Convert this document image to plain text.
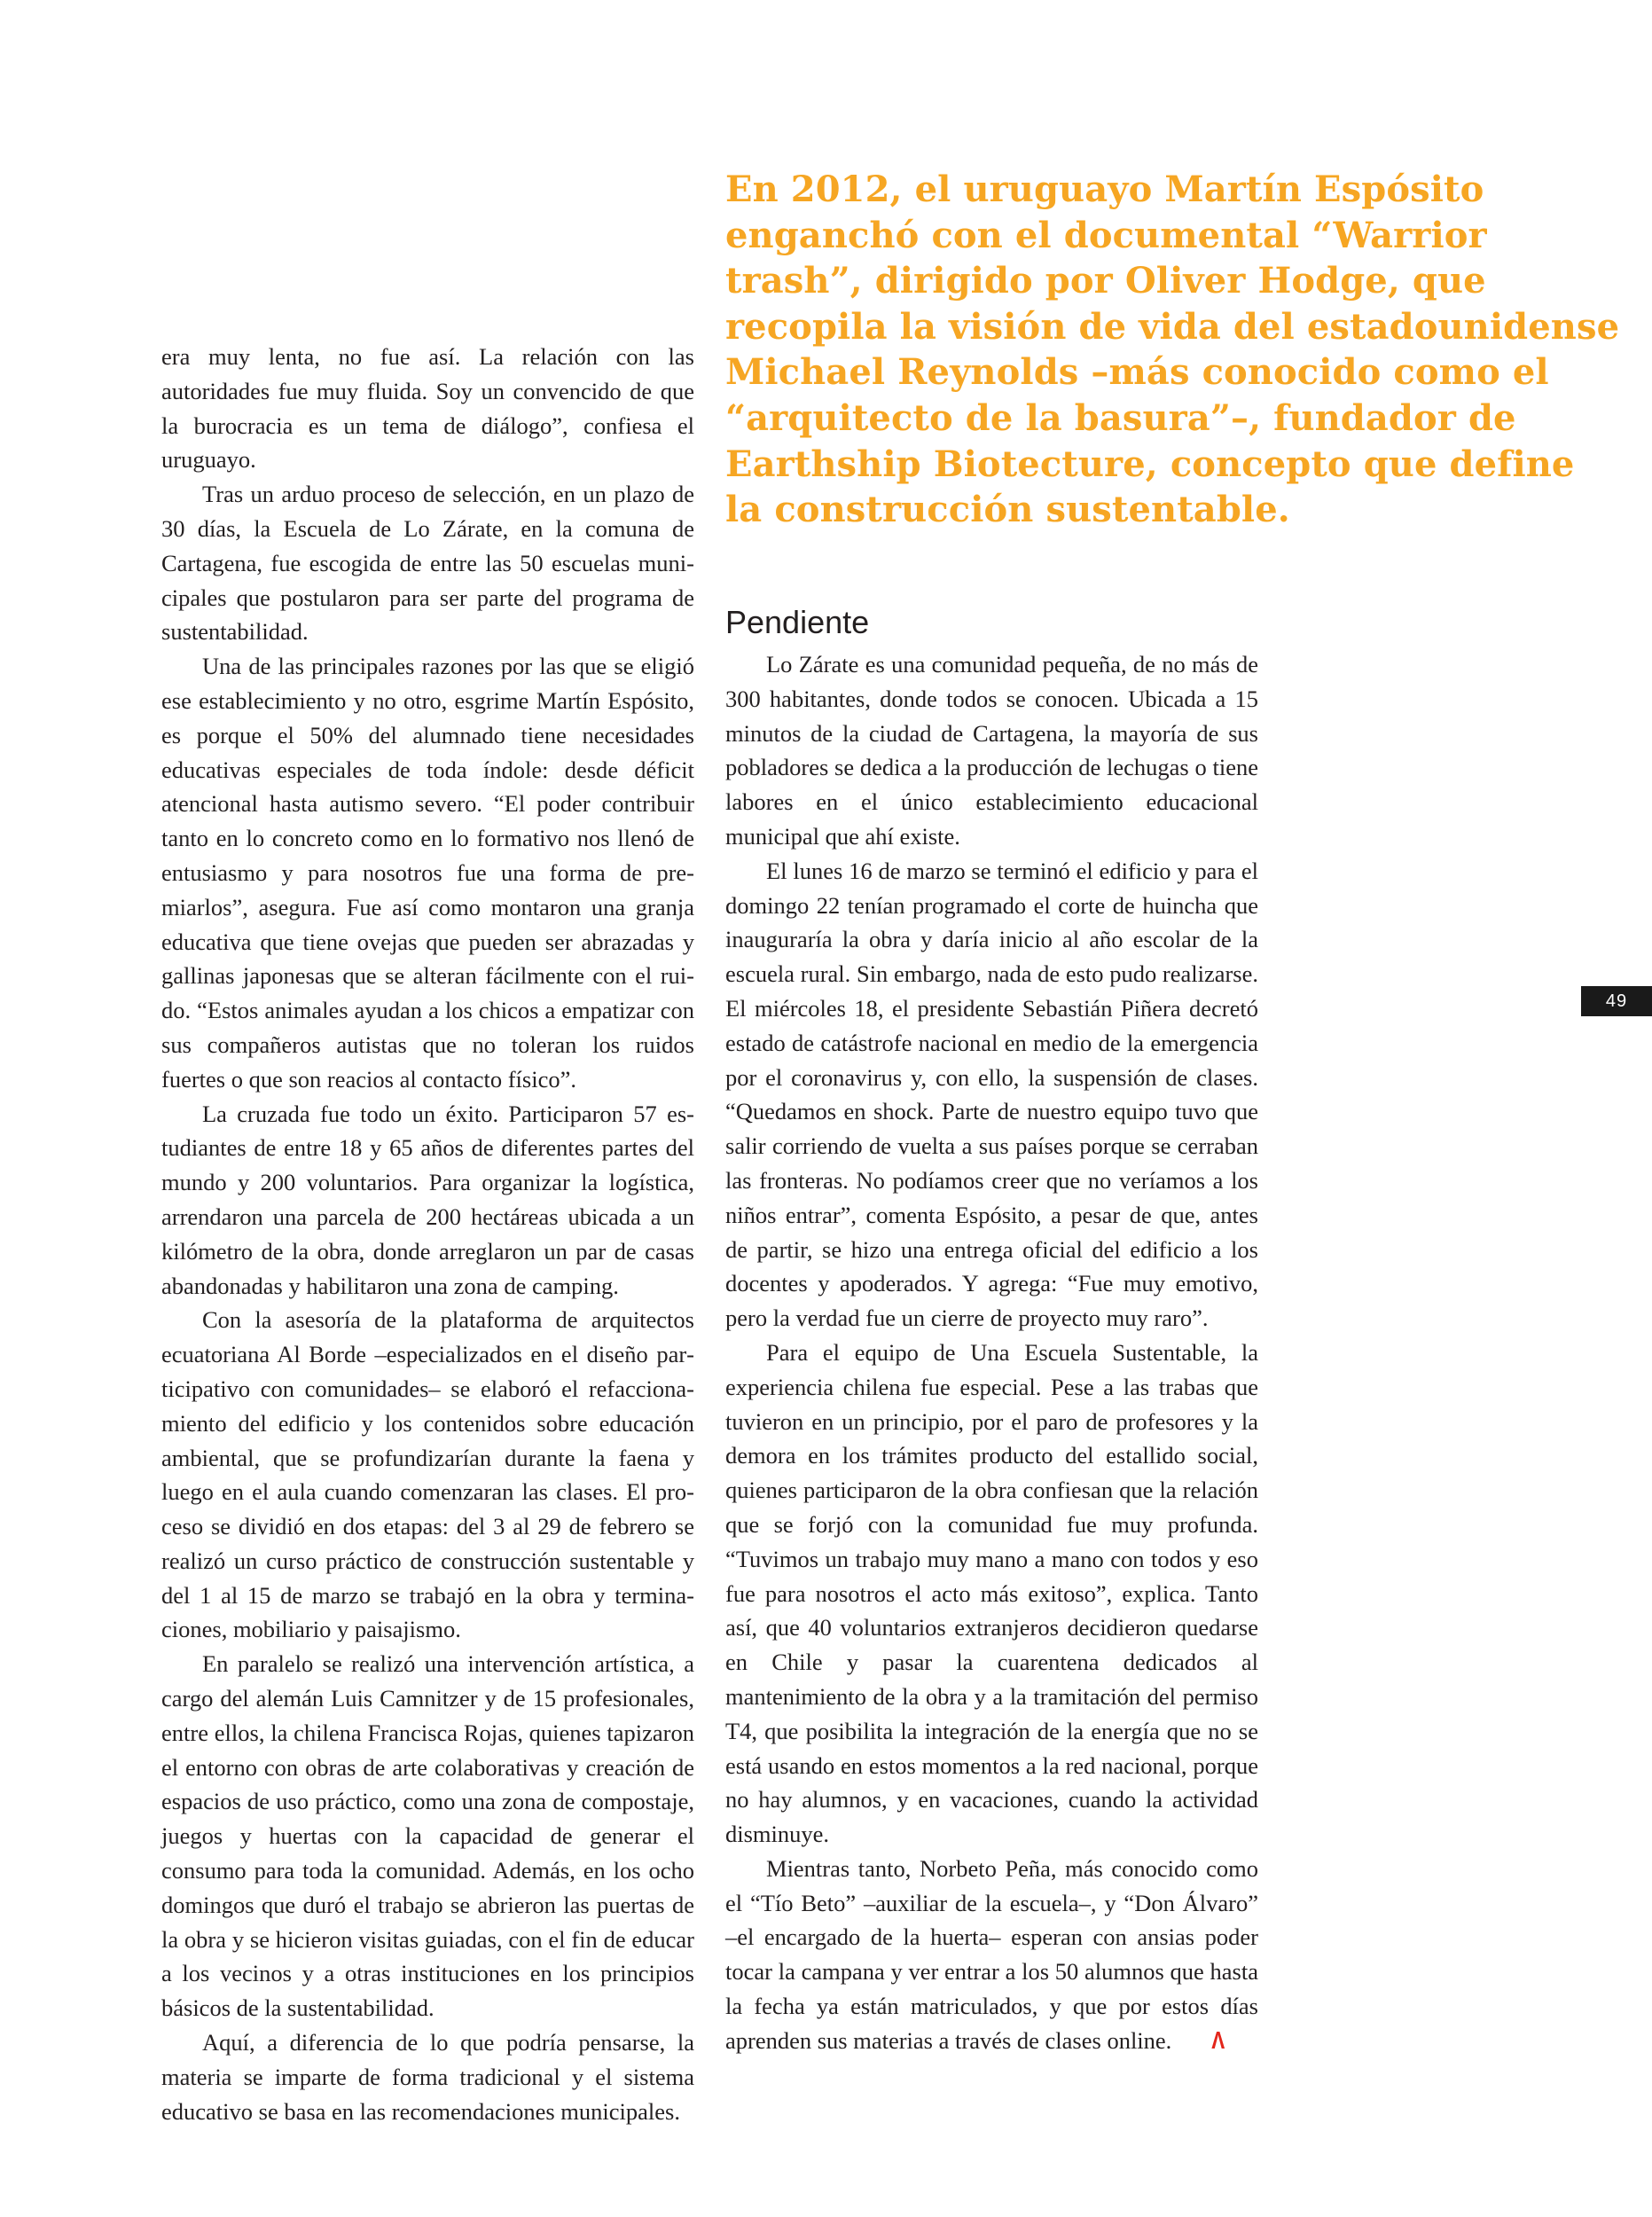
En 2012, el uruguayo Martín Espósito enganchó con el documental “Warrior trash”, dirigido por Oliver Hodge, que recopila la visión de vida del estadounidense Michael Reynolds –más conocido como el “arquitecto de la basura”–, fundador de Earthship Biotecture, concepto que define la construcción sustentable.

era muy lenta, no fue así. La relación con las autoridades fue muy fluida. Soy un convencido de que la burocracia es un tema de diálogo”, confiesa el uruguayo.

Tras un arduo proceso de selección, en un plazo de 30 días, la Escuela de Lo Zárate, en la comuna de Cartagena, fue escogida de entre las 50 escuelas municipales que postularon para ser parte del programa de sustentabilidad.

Una de las principales razones por las que se eligió ese establecimiento y no otro, esgrime Martín Espósito, es porque el 50% del alumnado tiene necesidades educativas especiales de toda índole: desde déficit atencional hasta autismo severo. “El poder contribuir tanto en lo concreto como en lo formativo nos llenó de entusiasmo y para nosotros fue una forma de premiarlos”, asegura. Fue así como montaron una granja educativa que tiene ovejas que pueden ser abrazadas y gallinas japonesas que se alteran fácilmente con el ruido. “Estos animales ayudan a los chicos a empatizar con sus compañeros autistas que no toleran los ruidos fuertes o que son reacios al contacto físico”.

La cruzada fue todo un éxito. Participaron 57 estudiantes de entre 18 y 65 años de diferentes partes del mundo y 200 voluntarios. Para organizar la logística, arrendaron una parcela de 200 hectáreas ubicada a un kilómetro de la obra, donde arreglaron un par de casas abandonadas y habilitaron una zona de camping.

Con la asesoría de la plataforma de arquitectos ecuatoriana Al Borde –especializados en el diseño participativo con comunidades– se elaboró el refaccionamiento del edificio y los contenidos sobre educación ambiental, que se profundizarían durante la faena y luego en el aula cuando comenzaran las clases. El proceso se dividió en dos etapas: del 3 al 29 de febrero se realizó un curso práctico de construcción sustentable y del 1 al 15 de marzo se trabajó en la obra y terminaciones, mobiliario y paisajismo.

En paralelo se realizó una intervención artística, a cargo del alemán Luis Camnitzer y de 15 profesionales, entre ellos, la chilena Francisca Rojas, quienes tapizaron el entorno con obras de arte colaborativas y creación de espacios de uso práctico, como una zona de compostaje, juegos y huertas con la capacidad de generar el consumo para toda la comunidad. Además, en los ocho domingos que duró el trabajo se abrieron las puertas de la obra y se hicieron visitas guiadas, con el fin de educar a los vecinos y a otras instituciones en los principios básicos de la sustentabilidad.

Aquí, a diferencia de lo que podría pensarse, la materia se imparte de forma tradicional y el sistema educativo se basa en las recomendaciones municipales.

Pendiente

Lo Zárate es una comunidad pequeña, de no más de 300 habitantes, donde todos se conocen. Ubicada a 15 minutos de la ciudad de Cartagena, la mayoría de sus pobladores se dedica a la producción de lechugas o tiene labores en el único establecimiento educacional municipal que ahí existe.

El lunes 16 de marzo se terminó el edificio y para el domingo 22 tenían programado el corte de huincha que inauguraría la obra y daría inicio al año escolar de la escuela rural. Sin embargo, nada de esto pudo realizarse. El miércoles 18, el presidente Sebastián Piñera decretó estado de catástrofe nacional en medio de la emergencia por el coronavirus y, con ello, la suspensión de clases. “Quedamos en shock. Parte de nuestro equipo tuvo que salir corriendo de vuelta a sus países porque se cerraban las fronteras. No podíamos creer que no veríamos a los niños entrar”, comenta Espósito, a pesar de que, antes de partir, se hizo una entrega oficial del edificio a los docentes y apoderados. Y agrega: “Fue muy emotivo, pero la verdad fue un cierre de proyecto muy raro”.

Para el equipo de Una Escuela Sustentable, la experiencia chilena fue especial. Pese a las trabas que tuvieron en un principio, por el paro de profesores y la demora en los trámites producto del estallido social, quienes participaron de la obra confiesan que la relación que se forjó con la comunidad fue muy profunda. “Tuvimos un trabajo muy mano a mano con todos y eso fue para nosotros el acto más exitoso”, explica. Tanto así, que 40 voluntarios extranjeros decidieron quedarse en Chile y pasar la cuarentena dedicados al mantenimiento de la obra y a la tramitación del permiso T4, que posibilita la integración de la energía que no se está usando en estos momentos a la red nacional, porque no hay alumnos, y en vacaciones, cuando la actividad disminuye.

Mientras tanto, Norbeto Peña, más conocido como el “Tío Beto” –auxiliar de la escuela–, y “Don Álvaro” –el encargado de la huerta– esperan con ansias poder tocar la campana y ver entrar a los 50 alumnos que hasta la fecha ya están matriculados, y que por estos días aprenden sus materias a través de clases online. Λ

49
